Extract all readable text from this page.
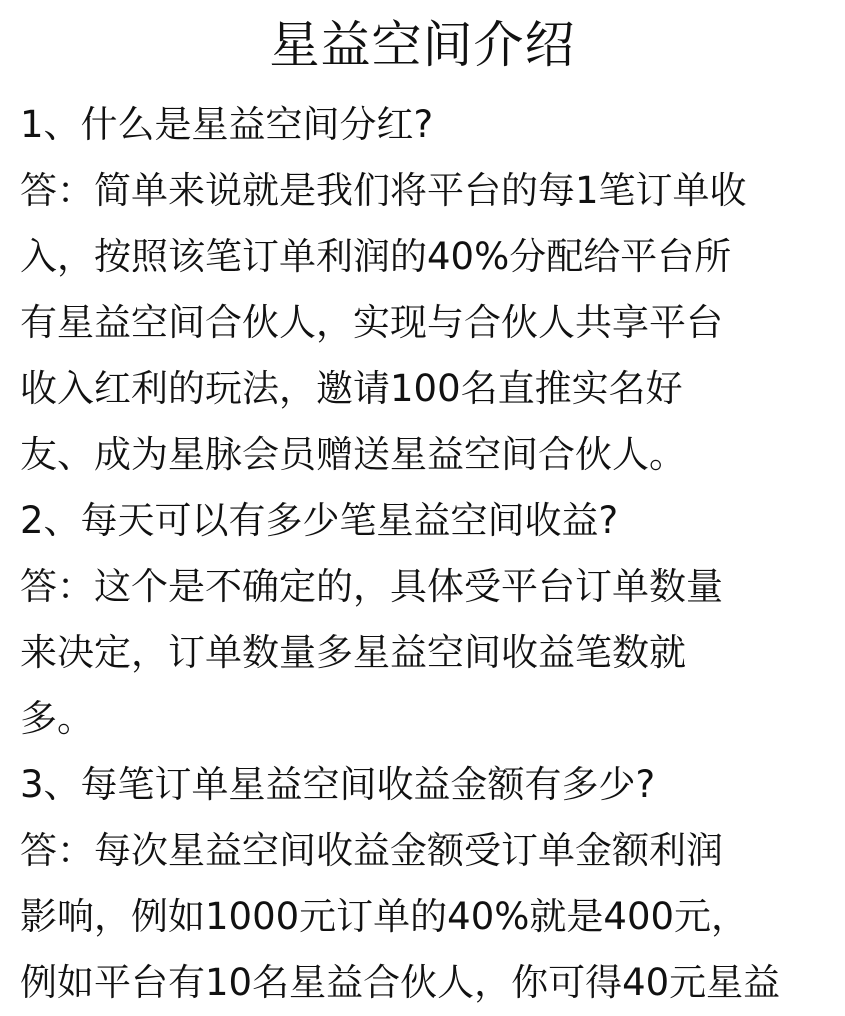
星益空间介绍

1、什么是星益空间分红?

答：简单来说就是我们将平台的每1笔订单收

入，按照该笔订单利润的40%分配给平台所

有星益空间合伙人，实现与合伙人共享平台

收入红利的玩法，邀请100名直推实名好

友、成为星脉会员赠送星益空间合伙人。

2、每天可以有多少笔星益空间收益?

答：这个是不确定的，具体受平台订单数量

来决定，订单数量多星益空间收益笔数就

多。

3、每笔订单星益空间收益金额有多少?

答：每次星益空间收益金额受订单金额利润

影响，例如1000元订单的40%就是400元，

例如平台有10名星益合伙人，你可得40元星益
